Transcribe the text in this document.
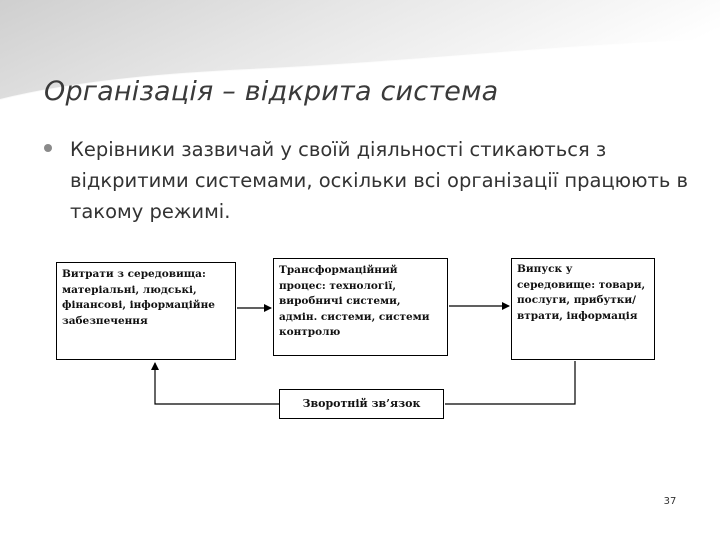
Організація – відкрита система

Керівники зазвичай у своїй діяльності стикаються з відкритими системами, оскільки всі організації працюють в такому режимі.

Витрати з середовища: матеріальні, людські, фінансові, інформаційне забезпечення
Трансформаційний процес: технології, виробничі системи, адмін. системи, системи контролю
Випуск у середовище: товари, послуги, прибутки/втрати, інформація
Зворотній зв’язок
37
